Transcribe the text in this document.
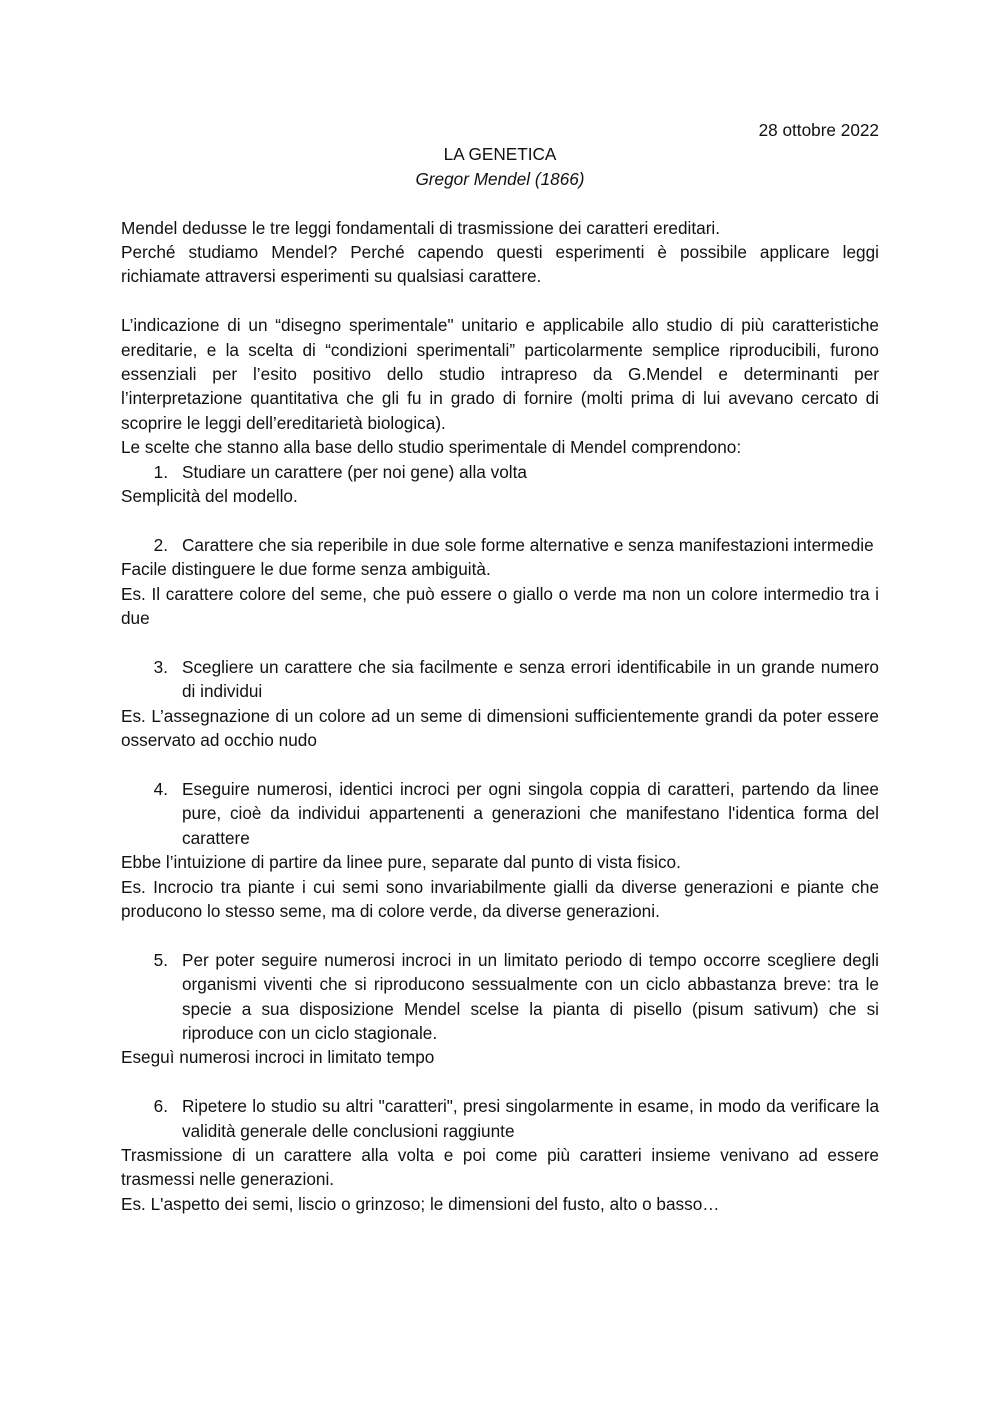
28 ottobre 2022

LA GENETICA

Gregor Mendel (1866)

Mendel dedusse le tre leggi fondamentali di trasmissione dei caratteri ereditari.

Perché studiamo Mendel? Perché capendo questi esperimenti è possibile applicare leggi richiamate attraversi esperimenti su qualsiasi carattere.

L’indicazione di un “disegno sperimentale" unitario e applicabile allo studio di più caratteristiche ereditarie, e la scelta di “condizioni sperimentali” particolarmente semplice riproducibili, furono essenziali per l’esito positivo dello studio intrapreso da G.Mendel e determinanti per l’interpretazione quantitativa che gli fu in grado di fornire (molti prima di lui avevano cercato di scoprire le leggi dell’ereditarietà biologica).

Le scelte che stanno alla base dello studio sperimentale di Mendel comprendono:

1. Studiare un carattere (per noi gene) alla volta

Semplicità del modello.

2. Carattere che sia reperibile in due sole forme alternative e senza manifestazioni intermedie

Facile distinguere le due forme senza ambiguità.

Es. Il carattere colore del seme, che può essere o giallo o verde ma non un colore intermedio tra i due

3. Scegliere un carattere che sia facilmente e senza errori identificabile in un grande numero di individui

Es. L’assegnazione di un colore ad un seme di dimensioni sufficientemente grandi da poter essere osservato ad occhio nudo

4. Eseguire numerosi, identici incroci per ogni singola coppia di caratteri, partendo da linee pure, cioè da individui appartenenti a generazioni che manifestano l'identica forma del carattere

Ebbe l’intuizione di partire da linee pure, separate dal punto di vista fisico.

Es. Incrocio tra piante i cui semi sono invariabilmente gialli da diverse generazioni e piante che producono lo stesso seme, ma di colore verde, da diverse generazioni.

5. Per poter seguire numerosi incroci in un limitato periodo di tempo occorre scegliere degli organismi viventi che si riproducono sessualmente con un ciclo abbastanza breve: tra le specie a sua disposizione Mendel scelse la pianta di pisello (pisum sativum) che si riproduce con un ciclo stagionale.

Eseguì numerosi incroci in limitato tempo

6. Ripetere lo studio su altri "caratteri", presi singolarmente in esame, in modo da verificare la validità generale delle conclusioni raggiunte

Trasmissione di un carattere alla volta e poi come più caratteri insieme venivano ad essere trasmessi nelle generazioni.

Es. L'aspetto dei semi, liscio o grinzoso; le dimensioni del fusto, alto o basso…
